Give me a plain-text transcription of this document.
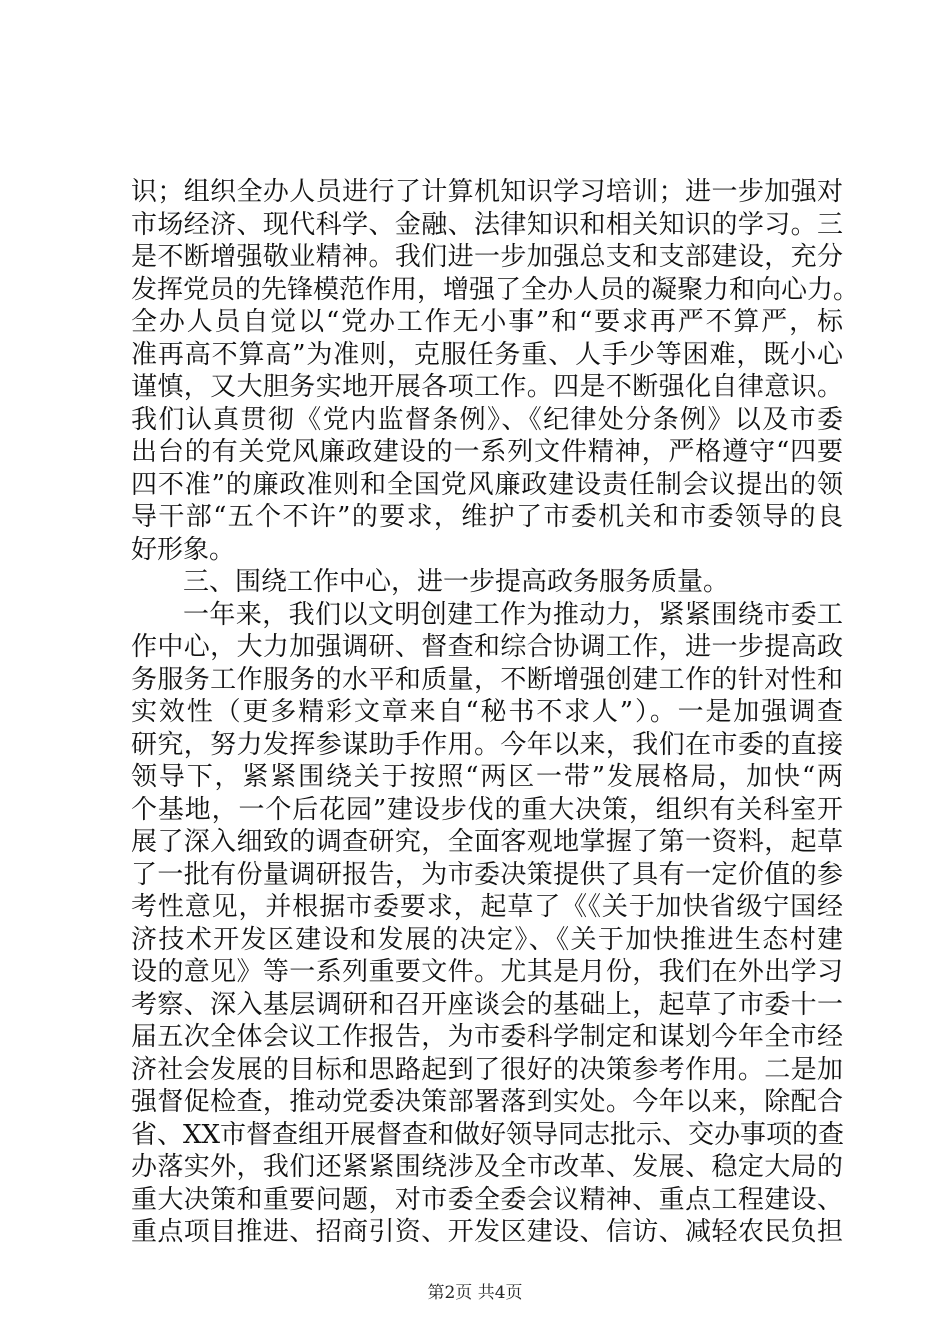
识；组织全办人员进行了计算机知识学习培训；进一步加强对
市场经济、现代科学、金融、法律知识和相关知识的学习。三
是不断增强敬业精神。我们进一步加强总支和支部建设，充分
发挥党员的先锋模范作用，增强了全办人员的凝聚力和向心力。
全办人员自觉以“党办工作无小事”和“要求再严不算严，标
准再高不算高”为准则，克服任务重、人手少等困难，既小心
谨慎，又大胆务实地开展各项工作。四是不断强化自律意识。
我们认真贯彻《党内监督条例》、《纪律处分条例》以及市委
出台的有关党风廉政建设的一系列文件精神，严格遵守“四要
四不准”的廉政准则和全国党风廉政建设责任制会议提出的领
导干部“五个不许”的要求，维护了市委机关和市委领导的良
好形象。
三、围绕工作中心，进一步提高政务服务质量。
一年来，我们以文明创建工作为推动力，紧紧围绕市委工
作中心，大力加强调研、督查和综合协调工作，进一步提高政
务服务工作服务的水平和质量，不断增强创建工作的针对性和
实效性（更多精彩文章来自“秘书不求人”）。一是加强调查
研究，努力发挥参谋助手作用。今年以来，我们在市委的直接
领导下，紧紧围绕关于按照“两区一带”发展格局，加快“两
个基地，一个后花园”建设步伐的重大决策，组织有关科室开
展了深入细致的调查研究，全面客观地掌握了第一资料，起草
了一批有份量调研报告，为市委决策提供了具有一定价值的参
考性意见，并根据市委要求，起草了《《关于加快省级宁国经
济技术开发区建设和发展的决定》、《关于加快推进生态村建
设的意见》等一系列重要文件。尤其是月份，我们在外出学习
考察、深入基层调研和召开座谈会的基础上，起草了市委十一
届五次全体会议工作报告，为市委科学制定和谋划今年全市经
济社会发展的目标和思路起到了很好的决策参考作用。二是加
强督促检查，推动党委决策部署落到实处。今年以来，除配合
省、XX市督查组开展督查和做好领导同志批示、交办事项的查
办落实外，我们还紧紧围绕涉及全市改革、发展、稳定大局的
重大决策和重要问题，对市委全委会议精神、重点工程建设、
重点项目推进、招商引资、开发区建设、信访、减轻农民负担
第2页 共4页
